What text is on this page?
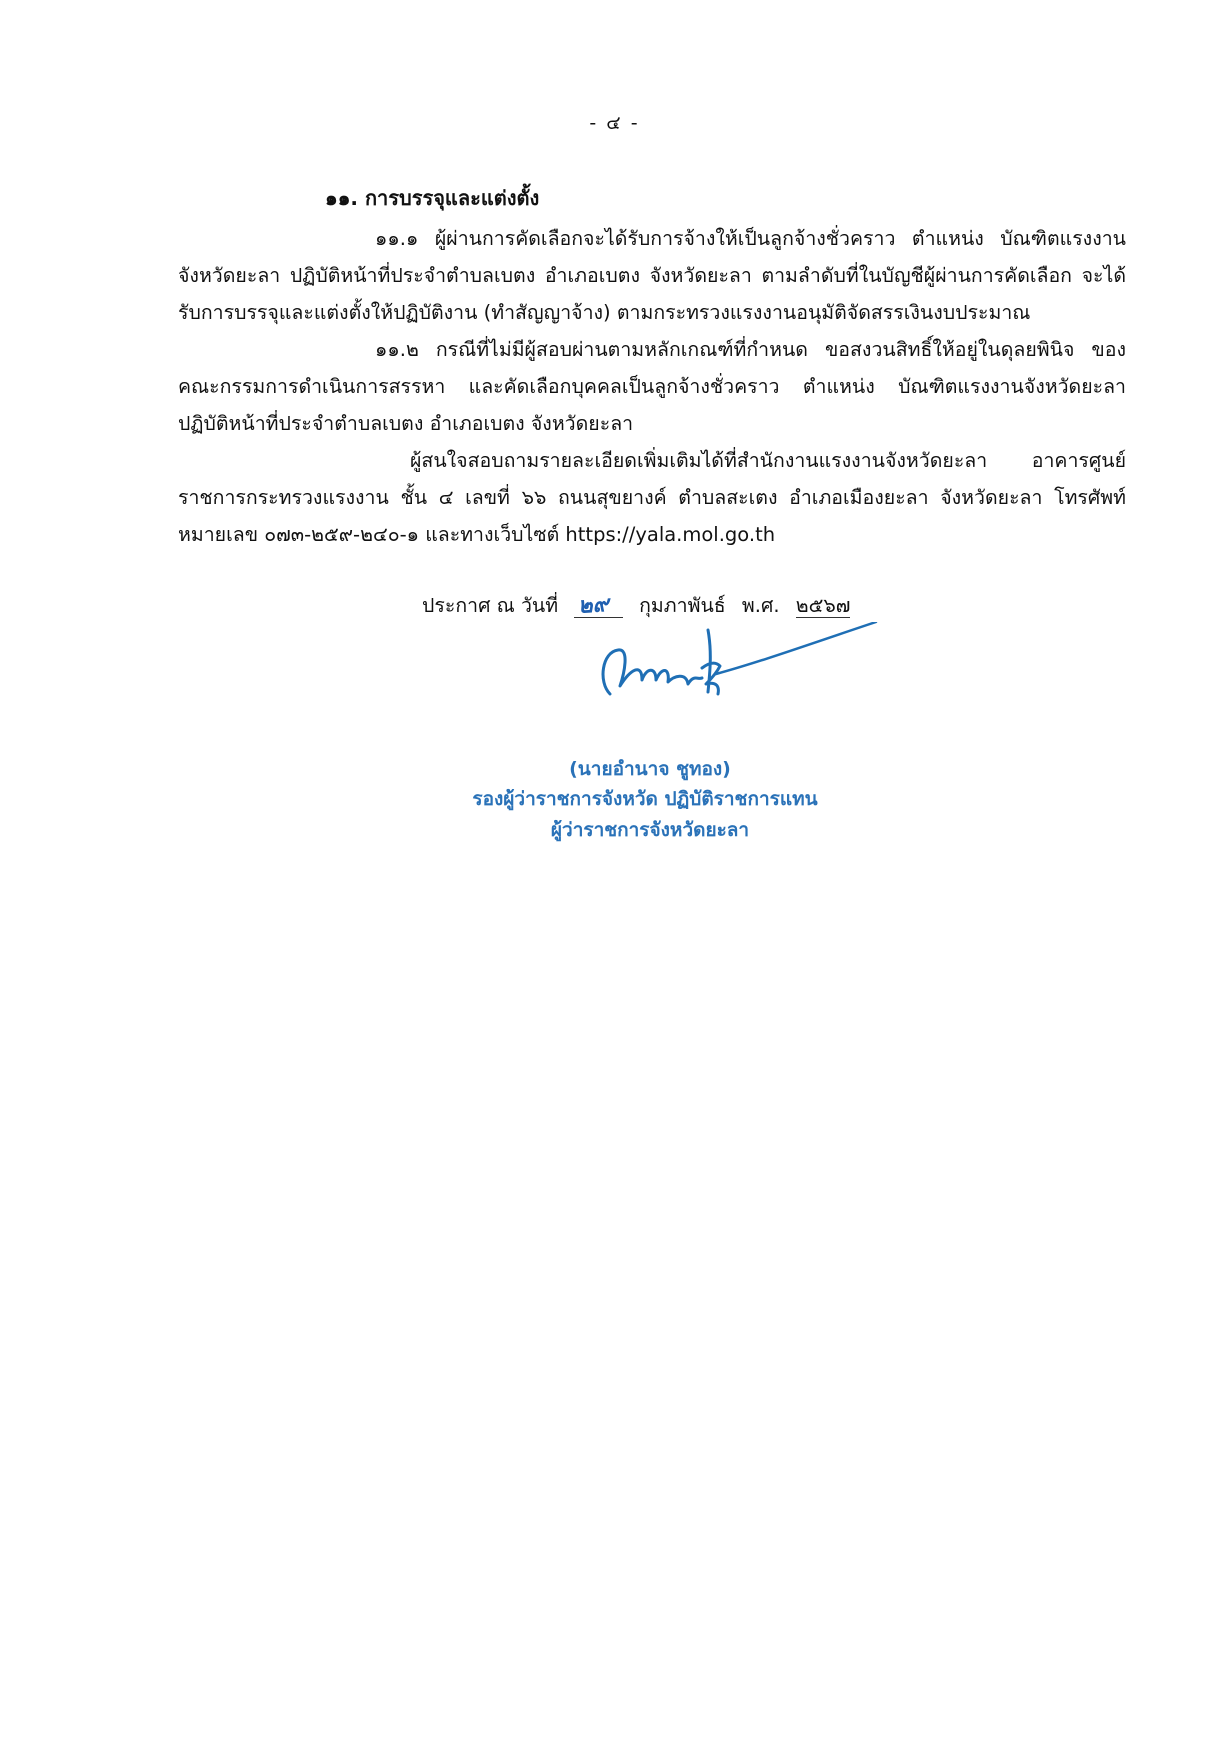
- ๔ -
๑๑. การบรรจุและแต่งตั้ง

๑๑.๑ ผู้ผ่านการคัดเลือกจะได้รับการจ้างให้เป็นลูกจ้างชั่วคราว ตำแหน่ง บัณฑิตแรงงาน จังหวัดยะลา ปฏิบัติหน้าที่ประจำตำบลเบตง อำเภอเบตง จังหวัดยะลา ตามลำดับที่ในบัญชีผู้ผ่านการคัดเลือก จะได้รับการบรรจุและแต่งตั้งให้ปฏิบัติงาน (ทำสัญญาจ้าง) ตามกระทรวงแรงงานอนุมัติจัดสรรเงินงบประมาณ

๑๑.๒ กรณีที่ไม่มีผู้สอบผ่านตามหลักเกณฑ์ที่กำหนด ขอสงวนสิทธิ์ให้อยู่ในดุลยพินิจ ของคณะกรรมการดำเนินการสรรหา และคัดเลือกบุคคลเป็นลูกจ้างชั่วคราว ตำแหน่ง บัณฑิตแรงงานจังหวัดยะลา ปฏิบัติหน้าที่ประจำตำบลเบตง อำเภอเบตง จังหวัดยะลา

ผู้สนใจสอบถามรายละเอียดเพิ่มเติมได้ที่สำนักงานแรงงานจังหวัดยะลา อาคารศูนย์ราชการกระทรวงแรงงาน ชั้น ๔ เลขที่ ๖๖ ถนนสุขยางค์ ตำบลสะเตง อำเภอเมืองยะลา จังหวัดยะลา โทรศัพท์หมายเลข ๐๗๓-๒๕๙-๒๔๐-๑ และทางเว็บไซต์ https://yala.mol.go.th

ประกาศ ณ วันที่ ๒๙ กุมภาพันธ์ พ.ศ. ๒๕๖๗

(นายอำนาจ ชูทอง)

รองผู้ว่าราชการจังหวัด ปฏิบัติราชการแทน

ผู้ว่าราชการจังหวัดยะลา
